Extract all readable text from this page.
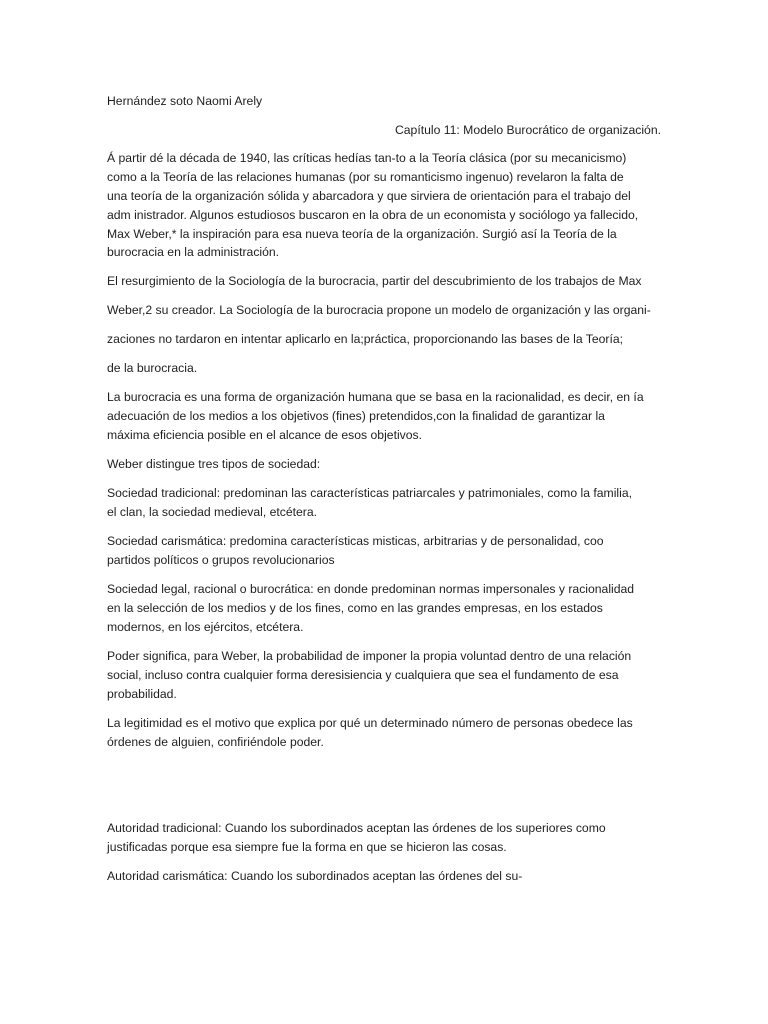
Hernández soto Naomi Arely
Capítulo 11: Modelo Burocrático de organización.
Á partir dé la década de 1940, las críticas hedías tan-to a la Teoría clásica (por su mecanicismo)
como a la Teoría de las relaciones humanas (por su romanticismo ingenuo) revelaron la falta de
una teoría de la organización sólida y abarcadora y que sirviera de orientación para el trabajo del
adm inistrador. Algunos estudiosos buscaron en la obra de un economista y sociólogo ya fallecido,
Max Weber,* la inspiración para esa nueva teoría de la organización. Surgió así la Teoría de la
burocracia en la administración.
El resurgimiento de la Sociología de la burocracia, partir del descubrimiento de los trabajos de Max
Weber,2 su creador. La Sociología de la burocracia propone un modelo de organización y las organi-
zaciones no tardaron en intentar aplicarlo en la;práctica, proporcionando las bases de la Teoría;
de la burocracia.
La burocracia es una forma de organización humana que se basa en la racionalidad, es decir, en ía
adecuación de los medios a los objetivos (fines) pretendidos,con la finalidad de garantizar la
máxima eficiencia posible en el alcance de esos objetivos.
Weber distingue tres tipos de sociedad:
Sociedad tradicional: predominan las características patriarcales y patrimoniales, como la familia,
el clan, la sociedad medieval, etcétera.
Sociedad carismática: predomina características misticas, arbitrarias y de personalidad, coo
partidos políticos o grupos revolucionarios
Sociedad legal, racional o burocrática: en donde predominan normas impersonales y racionalidad
en la selección de los medios y de los fines, como en las grandes empresas, en los estados
modernos, en los ejércitos, etcétera.
Poder significa, para Weber, la probabilidad de imponer la propia voluntad dentro de una relación
social, incluso contra cualquier forma deresisiencia y cualquiera que sea el fundamento de esa
probabilidad.
La legitimidad es el motivo que explica por qué un determinado número de personas obedece las
órdenes de alguien, confiriéndole poder.
Autoridad tradicional: Cuando los subordinados aceptan las órdenes de los superiores como
justificadas porque esa siempre fue la forma en que se hicieron las cosas.
Autoridad carismática: Cuando los subordinados aceptan las órdenes del su-
